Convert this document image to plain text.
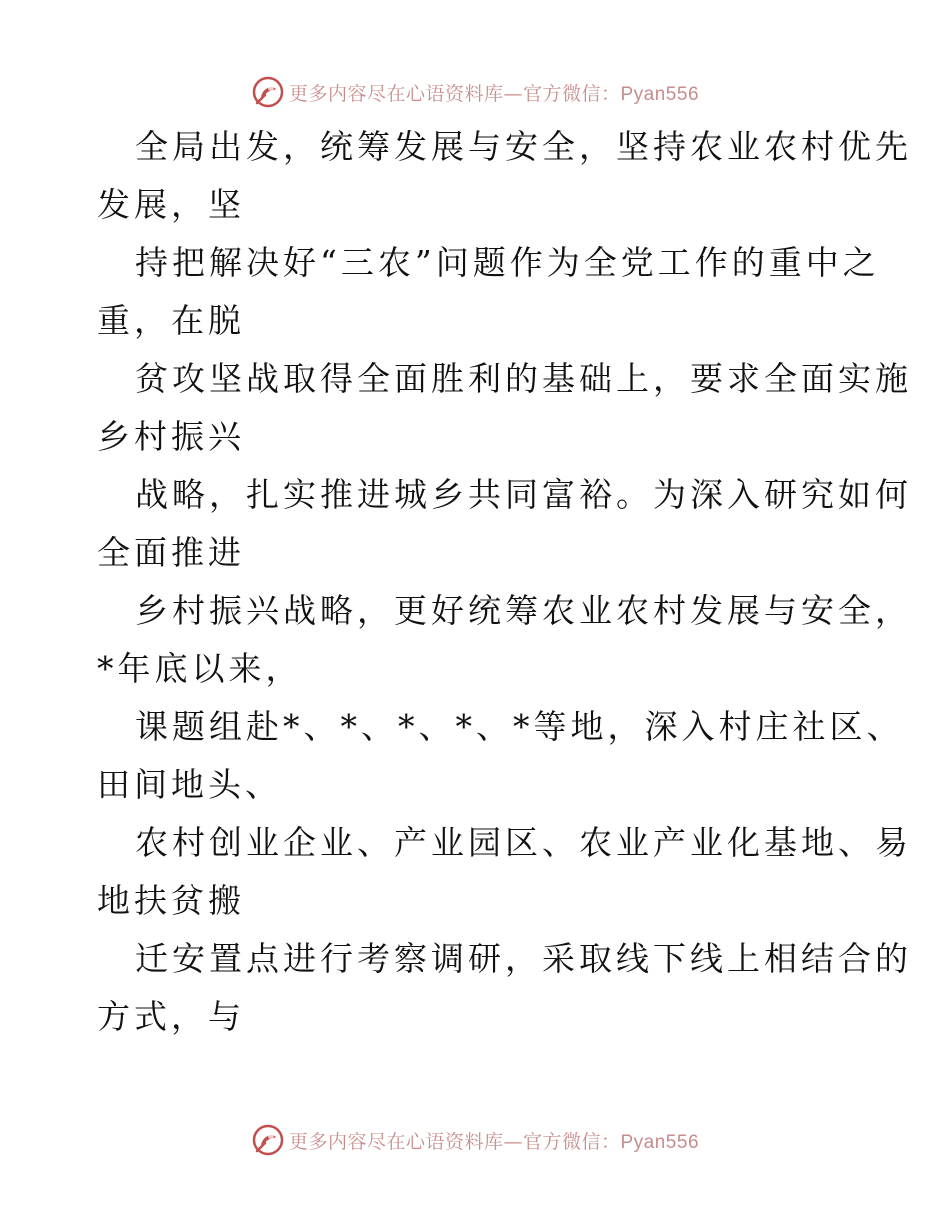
更多内容尽在心语资料库—官方微信：Pyan556

全局出发，统筹发展与安全，坚持农业农村优先
发展，坚

持把解决好“三农”问题作为全党工作的重中之
重，在脱

贫攻坚战取得全面胜利的基础上，要求全面实施
乡村振兴

战略，扎实推进城乡共同富裕。为深入研究如何
全面推进

乡村振兴战略，更好统筹农业农村发展与安全，
*年底以来，

课题组赴*、*、*、*、*等地，深入村庄社区、
田间地头、

农村创业企业、产业园区、农业产业化基地、易
地扶贫搬

迁安置点进行考察调研，采取线下线上相结合的
方式，与

更多内容尽在心语资料库—官方微信：Pyan556
